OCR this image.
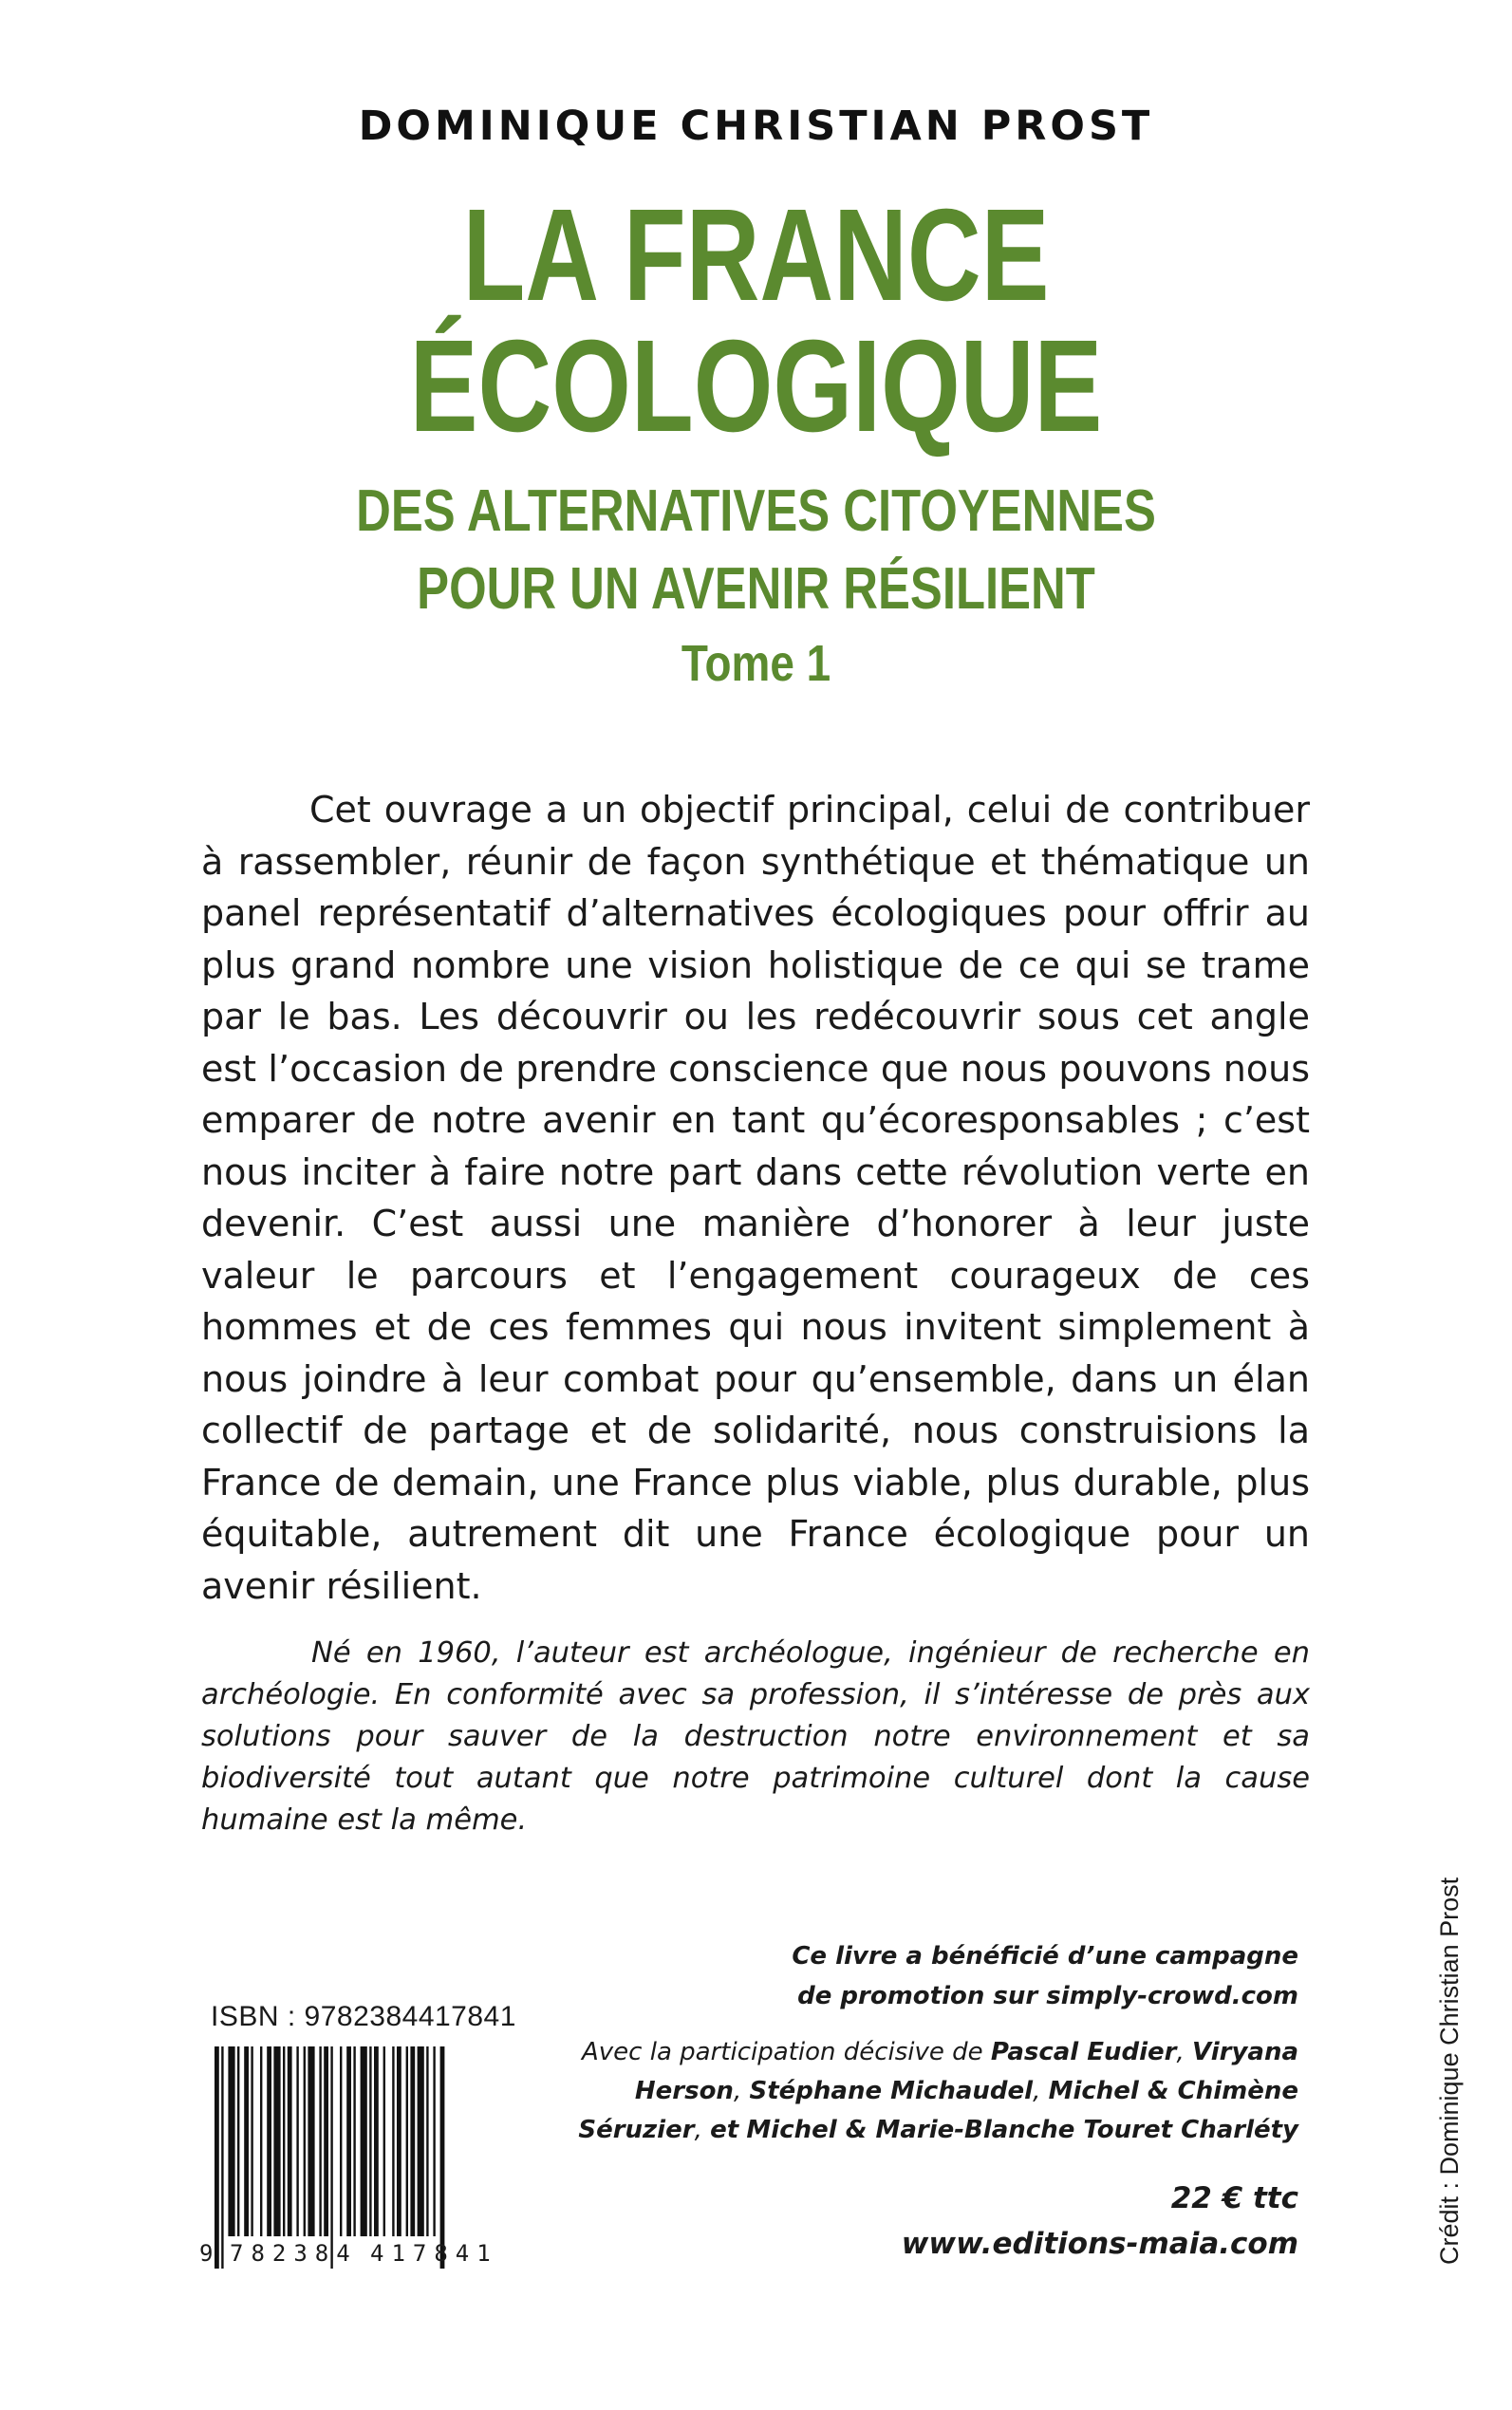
DOMINIQUE CHRISTIAN PROST
LA FRANCE
ÉCOLOGIQUE
DES ALTERNATIVES CITOYENNES
POUR UN AVENIR RÉSILIENT
Tome 1

Cet ouvrage a un objectif principal, celui de contribuer à rassembler, réunir de façon synthétique et thématique un panel représentatif d’alternatives écologiques pour offrir au plus grand nombre une vision holistique de ce qui se trame par le bas. Les découvrir ou les redécouvrir sous cet angle est l’occasion de prendre conscience que nous pouvons nous emparer de notre avenir en tant qu’écoresponsables ; c’est nous inciter à faire notre part dans cette révolution verte en devenir. C’est aussi une manière d’honorer à leur juste valeur le parcours et l’engagement courageux de ces hommes et de ces femmes qui nous invitent simplement à nous joindre à leur combat pour qu’ensemble, dans un élan collectif de partage et de solidarité, nous construisions la France de demain, une France plus viable, plus durable, plus équitable, autrement dit une France écologique pour un avenir résilient.

Né en 1960, l’auteur est archéologue, ingénieur de recherche en archéologie. En conformité avec sa profession, il s’intéresse de près aux solutions pour sauver de la destruction notre environnement et sa biodiversité tout autant que notre patrimoine culturel dont la cause humaine est la même.

Ce livre a bénéficié d’une campagne
de promotion sur simply-crowd.com
Avec la participation décisive de Pascal Eudier, Viryana Herson, Stéphane Michaudel, Michel & Chimène Séruzier, et Michel & Marie-Blanche Touret Charléty
22 € ttc
www.editions-maia.com
ISBN : 9782384417841
9 782384 417841	Crédit : Dominique Christian Prost
